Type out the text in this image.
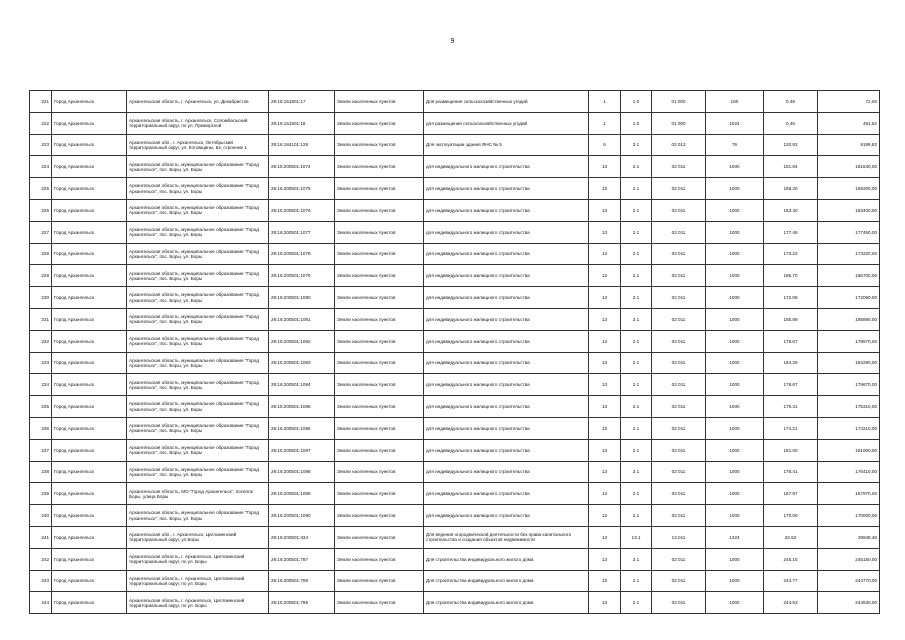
9
221	Город Архангельск	Архангельская область, г. Архангельск, ул. Декабристов	29:16:151901:17	Земли населенных пунктов	Для размещения сельскохозяйственных угодий	1	1.0	01 000	150	0.48	72,00
222	Город Архангельск	Архангельская область, г. Архангельск, Соломбальский территориальный округ, по ул. Приморской	29:16:151901:18	Земли населенных пунктов	для размещения сельскохозяйственных угодий	1	1.0	01 000	1024	0.48	491,52
223	Город Архангельск	Архангельская обл., г. Архангельск, Октябрьский территориальный округ, ул. Котовщины, 64, строение 1	29:16:184101:128	Земли населенных пунктов	Для эксплуатации здания ЯНС № 5	6	3.1	03 012	76	120.82	9189,82
224	Город Архангельск	Архангельская область, муниципальное образование "Город Архангельск", пос. Боры, ул. Боры	29:16:200501:1074	Земли населенных пунктов	для индивидуального жилищного строительства	13	2.1	02 011	1000	181.84	181840,00
225	Город Архангельск	Архангельская область, муниципальное образование "Город Архангельск", пос. Боры, ул. Боры	29:16:200501:1075	Земли населенных пунктов	для индивидуального жилищного строительства	13	2.1	02 011	1000	169.20	169200,00
226	Город Архангельск	Архангельская область, муниципальное образование "Город Архангельск", пос. Боры, ул. Боры	29:16:200501:1076	Земли населенных пунктов	для индивидуального жилищного строительства	13	2.1	02 011	1000	183.40	183400,00
227	Город Архангельск	Архангельская область, муниципальное образование "Город Архангельск", пос. Боры, ул. Боры	29:16:200501:1077	Земли населенных пунктов	для индивидуального жилищного строительства	13	2.1	02 011	1000	177.46	177460,00
228	Город Архангельск	Архангельская область, муниципальное образование "Город Архангельск", пос. Боры, ул. Боры	29:16:200501:1078	Земли населенных пунктов	для индивидуального жилищного строительства	13	2.1	02 011	1000	173.22	173220,00
229	Город Архангельск	Архангельская область, муниципальное образование "Город Архангельск", пос. Боры, ул. Боры	29:16:200501:1079	Земли населенных пунктов	для индивидуального жилищного строительства	13	2.1	02 011	1000	186.70	186700,00
230	Город Архангельск	Архангельская область, муниципальное образование "Город Архангельск", пос. Боры, ул. Боры	29:16:200501:1080	Земли населенных пунктов	для индивидуального жилищного строительства	13	2.1	02 011	1000	172.06	172060,00
231	Город Архангельск	Архангельская область, муниципальное образование "Город Архангельск", пос. Боры, ул. Боры	29:16:200501:1081	Земли населенных пунктов	для индивидуального жилищного строительства	13	2.1	02 011	1000	185.89	185890,00
232	Город Архангельск	Архангельская область, муниципальное образование "Город Архангельск", пос. Боры, ул. Боры	29:16:200501:1082	Земли населенных пунктов	для индивидуального жилищного строительства	13	2.1	02 011	1000	178.67	178670,00
233	Город Архангельск	Архангельская область, муниципальное образование "Город Архангельск", пос. Боры, ул. Боры	29:16:200501:1083	Земли населенных пунктов	для индивидуального жилищного строительства	13	2.1	02 011	1000	184.29	184290,00
234	Город Архангельск	Архангельская область, муниципальное образование "Город Архангельск", пос. Боры, ул. Боры	29:16:200501:1084	Земли населенных пунктов	для индивидуального жилищного строительства	13	2.1	02 011	1000	179.67	179670,00
235	Город Архангельск	Архангельская область, муниципальное образование "Город Архангельск", пос. Боры, ул. Боры	29:16:200501:1085	Земли населенных пунктов	для индивидуального жилищного строительства	13	2.1	02 011	1000	175.31	175310,00
236	Город Архангельск	Архангельская область, муниципальное образование "Город Архангельск", пос. Боры, ул. Боры	29:16:200501:1086	Земли населенных пунктов	для индивидуального жилищного строительства	13	2.1	02 011	1000	174.21	174210,00
237	Город Архангельск	Архангельская область, муниципальное образование "Город Архангельск", пос. Боры, ул. Боры	29:16:200501:1087	Земли населенных пунктов	для индивидуального жилищного строительства	13	2.1	02 011	1000	181.00	181000,00
238	Город Архангельск	Архангельская область, муниципальное образование "Город Архангельск", пос. Боры, ул. Боры	29:16:200501:1088	Земли населенных пунктов	для индивидуального жилищного строительства	13	2.1	02 011	1000	176.41	176410,00
239	Город Архангельск	Архангельская область, МО "Город Архангельск", поселок Боры, улица Боры	29:16:200501:1089	Земли населенных пунктов	для индивидуального жилищного строительства	13	2.1	02 011	1000	167.97	167970,00
240	Город Архангельск	Архангельская область, муниципальное образование "Город Архангельск", пос. Боры, ул. Боры	29:16:200501:1090	Земли населенных пунктов	для индивидуального жилищного строительства	13	2.1	02 011	1000	170.00	170000,00
241	Город Архангельск	Архангельская обл., г. Архангельск, Цигломенский территориальный округ, ул.Боры	29:16:200501:334	Земли населенных пунктов	Для ведения огороднической деятельности без права капитального строительства и создания объектов недвижимости	13	13.1	13.011	1324	22.62	29948,48
242	Город Архангельск	Архангельская область, г. Архангельск, Цигломенский территориальный округ, по ул. Боры	29:16:200501:787	Земли населенных пунктов	Для строительства индивидуального жилого дома	13	2.1	02 011	1000	245.15	245150,00
243	Город Архангельск	Архангельская область, г. Архангельск, Цигломенский территориальный округ, по ул. Боры	29:16:200501:788	Земли населенных пунктов	Для строительства индивидуального жилого дома	13	2.1	02 011	1000	244.77	244770,00
244	Город Архангельск	Архангельская область, г. Архангельск, Цигломенский территориальный округ, по ул. Боры	29:16:200501:789	Земли населенных пунктов	Для строительства индивидуального жилого дома	13	2.1	02 011	1000	244.53	244530,00
